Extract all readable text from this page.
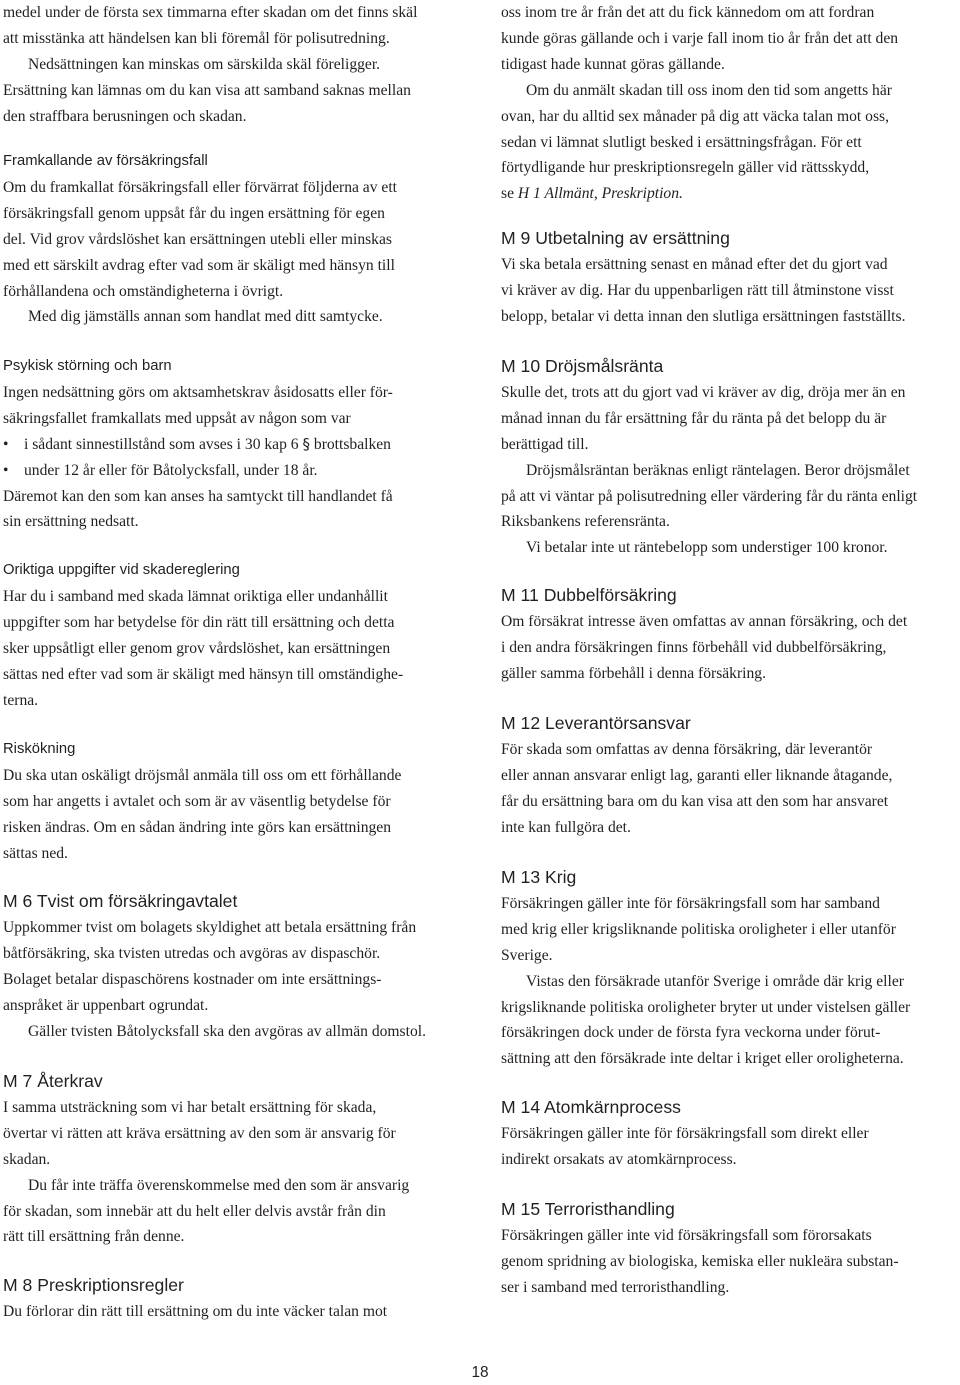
medel under de första sex timmarna efter skadan om det finns skäl
att misstänka att händelsen kan bli föremål för polisutredning.

Nedsättningen kan minskas om särskilda skäl föreligger.

Ersättning kan lämnas om du kan visa att samband saknas mellan
den straffbara berusningen och skadan.

Framkallande av försäkringsfall

Om du framkallat försäkringsfall eller förvärrat följderna av ett
försäkringsfall genom uppsåt får du ingen ersättning för egen
del. Vid grov vårdslöshet kan ersättningen utebli eller minskas
med ett särskilt avdrag efter vad som är skäligt med hänsyn till
förhållandena och omständigheterna i övrigt.

Med dig jämställs annan som handlat med ditt samtycke.

Psykisk störning och barn

Ingen nedsättning görs om aktsamhetskrav åsidosatts eller för-
säkringsfallet framkallats med uppsåt av någon som var

• i sådant sinnestillstånd som avses i 30 kap 6 § brottsbalken
• under 12 år eller för Båtolycksfall, under 18 år.

Däremot kan den som kan anses ha samtyckt till handlandet få
sin ersättning nedsatt.

Oriktiga uppgifter vid skadereglering

Har du i samband med skada lämnat oriktiga eller undanhållit
uppgifter som har betydelse för din rätt till ersättning och detta
sker uppsåtligt eller genom grov vårdslöshet, kan ersättningen
sättas ned efter vad som är skäligt med hänsyn till omständighe-
terna.

Riskökning

Du ska utan oskäligt dröjsmål anmäla till oss om ett förhållande
som har angetts i avtalet och som är av väsentlig betydelse för
risken ändras. Om en sådan ändring inte görs kan ersättningen
sättas ned.

M 6 Tvist om försäkringavtalet

Uppkommer tvist om bolagets skyldighet att betala ersättning från
båtförsäkring, ska tvisten utredas och avgöras av dispaschör.
Bolaget betalar dispaschörens kostnader om inte ersättnings-
anspråket är uppenbart ogrundat.

Gäller tvisten Båtolycksfall ska den avgöras av allmän domstol.

M 7 Återkrav

I samma utsträckning som vi har betalt ersättning för skada,
övertar vi rätten att kräva ersättning av den som är ansvarig för
skadan.

Du får inte träffa överenskommelse med den som är ansvarig
för skadan, som innebär att du helt eller delvis avstår från din
rätt till ersättning från denne.

M 8 Preskriptionsregler

Du förlorar din rätt till ersättning om du inte väcker talan mot

oss inom tre år från det att du fick kännedom om att fordran
kunde göras gällande och i varje fall inom tio år från det att den
tidigast hade kunnat göras gällande.

Om du anmält skadan till oss inom den tid som angetts här
ovan, har du alltid sex månader på dig att väcka talan mot oss,
sedan vi lämnat slutligt besked i ersättningsfrågan. För ett
förtydligande hur preskriptionsregeln gäller vid rättsskydd,
se H 1 Allmänt, Preskription.

M 9 Utbetalning av ersättning

Vi ska betala ersättning senast en månad efter det du gjort vad
vi kräver av dig. Har du uppenbarligen rätt till åtminstone visst
belopp, betalar vi detta innan den slutliga ersättningen fastställts.

M 10 Dröjsmålsränta

Skulle det, trots att du gjort vad vi kräver av dig, dröja mer än en
månad innan du får ersättning får du ränta på det belopp du är
berättigad till.

Dröjsmålsräntan beräknas enligt räntelagen. Beror dröjsmålet
på att vi väntar på polisutredning eller värdering får du ränta enligt
Riksbankens referensränta.

Vi betalar inte ut räntebelopp som understiger 100 kronor.

M 11 Dubbelförsäkring

Om försäkrat intresse även omfattas av annan försäkring, och det
i den andra försäkringen finns förbehåll vid dubbelförsäkring,
gäller samma förbehåll i denna försäkring.

M 12 Leverantörsansvar

För skada som omfattas av denna försäkring, där leverantör
eller annan ansvarar enligt lag, garanti eller liknande åtagande,
får du ersättning bara om du kan visa att den som har ansvaret
inte kan fullgöra det.

M 13 Krig

Försäkringen gäller inte för försäkringsfall som har samband
med krig eller krigsliknande politiska oroligheter i eller utanför
Sverige.

Vistas den försäkrade utanför Sverige i område där krig eller
krigsliknande politiska oroligheter bryter ut under vistelsen gäller
försäkringen dock under de första fyra veckorna under förut-
sättning att den försäkrade inte deltar i kriget eller oroligheterna.

M 14 Atomkärnprocess

Försäkringen gäller inte för försäkringsfall som direkt eller
indirekt orsakats av atomkärnprocess.

M 15 Terroristhandling

Försäkringen gäller inte vid försäkringsfall som förorsakats
genom spridning av biologiska, kemiska eller nukleära substan-
ser i samband med terroristhandling.

18
